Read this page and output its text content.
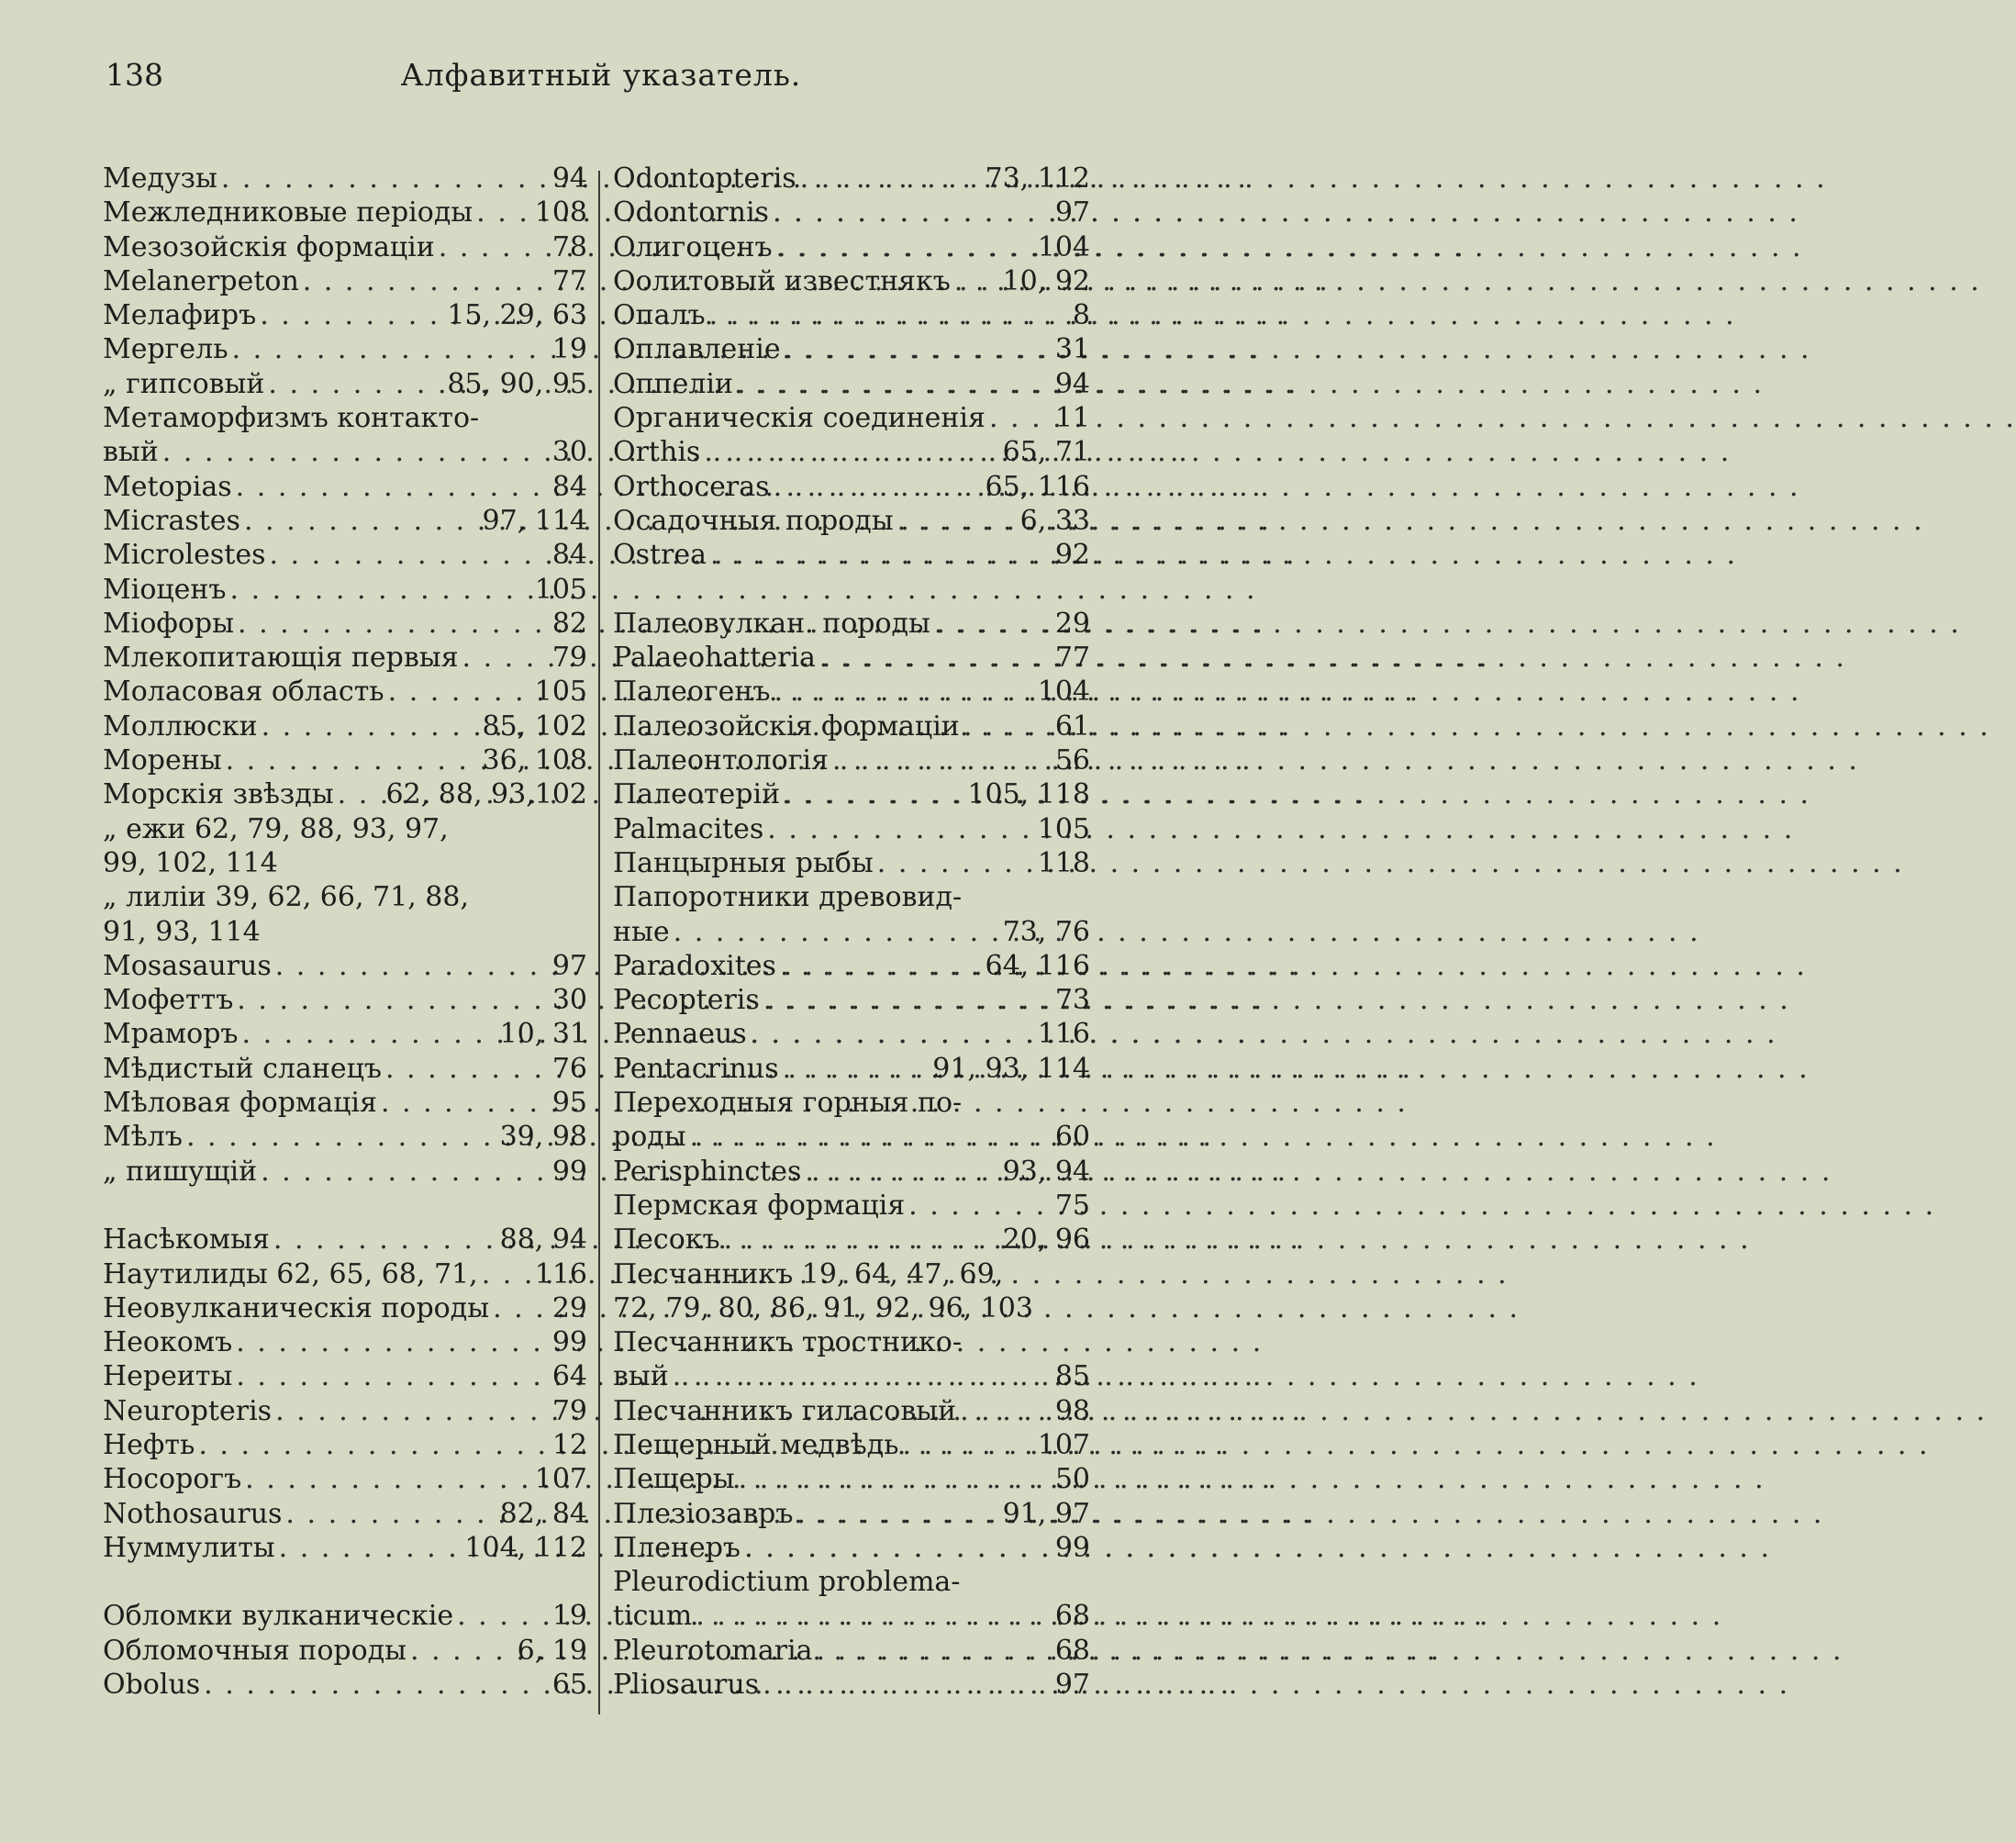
138	Алфавитный указатель.
Медузы . . .	94
Межледниковые періоды . . . 108
Мезозойскія формаціи . . .	78
Melanerpeton . . .	77
Мелафиръ . . .	15, 29, 63
Мергель . . .	19
„ гипсовый . . .	85, 90, 95
Метаморфизмъ контакто-
вый . . .	30
Metopias . . .	84
Micrastes . . .	97, 114
Microlestes . . .	84
Міоценъ . . .	105
Міофоры . . .	82
Млекопитающія первыя . . .	79
Моласовая область . . .	105
Моллюски . . .	85, 102
Морены . . .	36, 108
Морскія звѣзды . . . 62, 88, 93,102
„ ежи 62, 79, 88, 93, 97,
99, 102, 114
„ лиліи 39, 62, 66, 71, 88,
91, 93, 114
Mosasaurus . . .	97
Мофеттъ . . .	30
Мраморъ . . .	10, 31
Мѣдистый сланецъ . . .	76
Мѣловая формація . . .	95
Мѣлъ . . .	39, 98
„ пишущій . . .	99
Насѣкомыя . . .	88, 94
Наутилиды 62, 65, 68, 71, . . . 116
Неовулканическія породы . . . 29
Неокомъ . . .	99
Нереиты . . .	64
Neuropteris . . .	79
Нефть . . .	12
Носорогъ . . .	107
Nothosaurus . . .	82, 84
Нуммулиты . . .	104, 112
Обломки вулканическіе . . .	19
Обломочныя породы . . .	6, 19
Obolus . . .	65
Odontopteris . . .	73, 112
Odontornis . . .	97
Олигоценъ . . .	104
Оолитовый известнякъ . . . 10, 92
Опалъ . . .	8
Оплавленіе . . .	31
Оппеліи . . .	94
Органическія соединенія . . .	11
Orthis . . .	65, 71
Orthoceras . . .	65, 116
Осадочныя породы . . .	6, 33
Ostrea . . .	92
Палеовулкан. породы . . .	29
Palaeohatteria . . .	77
Палеогенъ . . .	104
Палеозойскія формаціи . . .	61
Палеонтологія . . .	56
Палеотерій . . .	105, 118
Palmacites . . .	105
Панцырныя рыбы . . .	118
Папоротники древовид-
ные . . .	73, 76
Paradoxites . . .	64, 116
Pecopteris . . .	73
Pennaeus . . .	116
Pentacrinus . . .	91, 93, 114
Переходныя горныя по-
роды . . .	60
Perisphinctes . . .	93, 94
Пермская формація . . .	75
Песокъ . . .	20, 96
Песчанникъ 19, 64, 47, 69,
72, 79, 80, 86, 91, 92, 96, 103
Песчанникъ тростнико-
вый . . .	85
Песчанникъ гиласовый . . .	98
Пещерный медвѣдь . . .	107
Пещеры . . .	50
Плезіозавръ . . .	91, 97
Пленеръ . . .	99
Pleurodictium problema-
ticum . . .	68
Pleurotomaria . . .	68
Pliosaurus . . .	97
